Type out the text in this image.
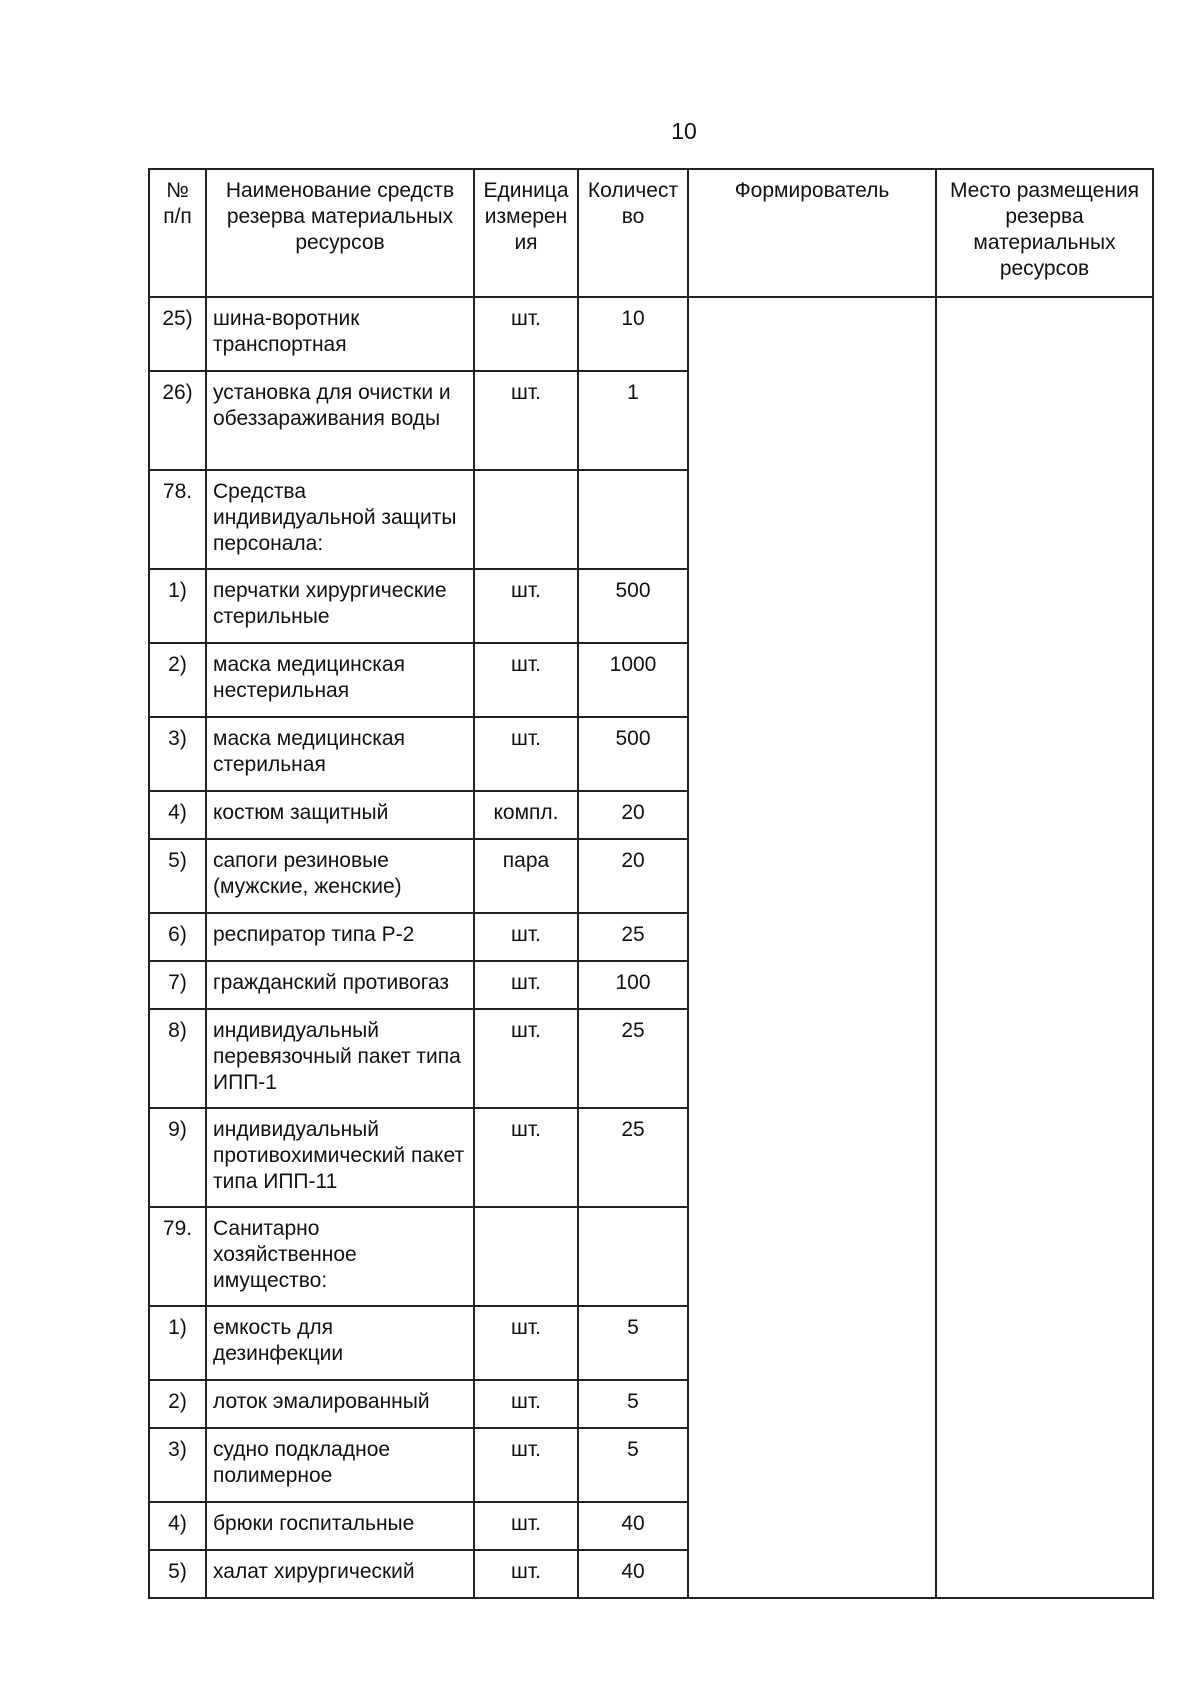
10
№ п/п	Наименование средств резерва материальных ресурсов	Единица измерен ия	Количест во	Формирователь	Место размещения резерва материальных ресурсов
25)	шина-воротник транспортная	шт.	10		
26)	установка для очистки и обеззараживания воды	шт.	1		
78.	Средства индивидуальной защиты персонала:				
1)	перчатки хирургические стерильные	шт.	500		
2)	маска медицинская нестерильная	шт.	1000		
3)	маска медицинская стерильная	шт.	500		
4)	костюм защитный	компл.	20		
5)	сапоги резиновые (мужские, женские)	пара	20		
6)	респиратор типа Р-2	шт.	25		
7)	гражданский противогаз	шт.	100		
8)	индивидуальный перевязочный пакет типа ИПП-1	шт.	25		
9)	индивидуальный противохимический пакет типа ИПП-11	шт.	25		
79.	Санитарно хозяйственное имущество:				
1)	емкость для дезинфекции	шт.	5		
2)	лоток эмалированный	шт.	5		
3)	судно подкладное полимерное	шт.	5		
4)	брюки госпитальные	шт.	40		
5)	халат хирургический	шт.	40		
